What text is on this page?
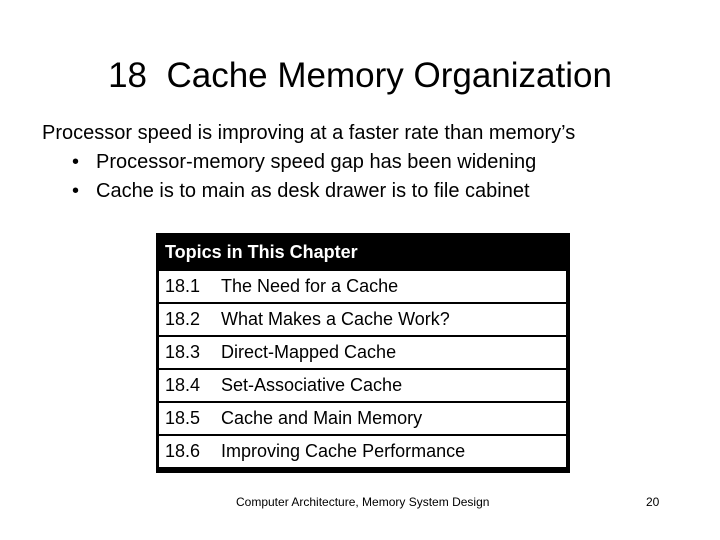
18  Cache Memory Organization
Processor speed is improving at a faster rate than memory’s
• Processor-memory speed gap has been widening
• Cache is to main as desk drawer is to file cabinet
Topics in This Chapter
18.1	The Need for a Cache
18.2	What Makes a Cache Work?
18.3	Direct-Mapped Cache
18.4	Set-Associative Cache
18.5	Cache and Main Memory
18.6	Improving Cache Performance
Computer Architecture, Memory System Design	20
